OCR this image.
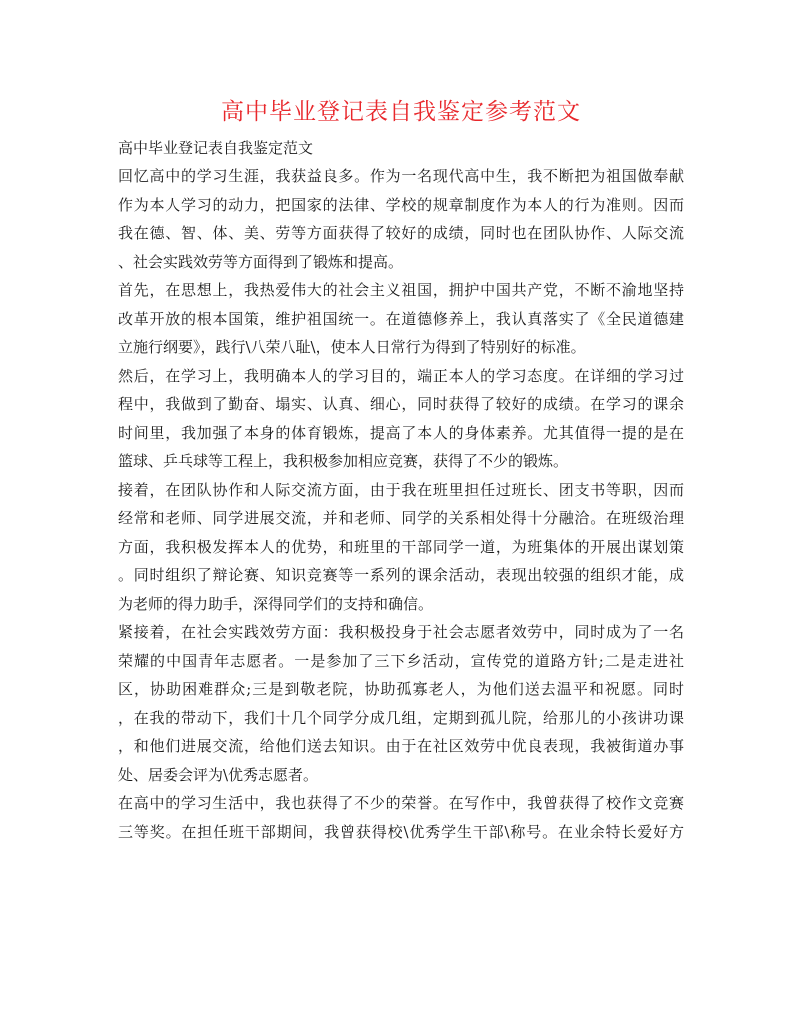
高中毕业登记表自我鉴定参考范文

高中毕业登记表自我鉴定范文

回忆高中的学习生涯，我获益良多。作为一名现代高中生，我不断把为祖国做奉献
作为本人学习的动力，把国家的法律、学校的规章制度作为本人的行为准则。因而
我在德、智、体、美、劳等方面获得了较好的成绩，同时也在团队协作、人际交流
、社会实践效劳等方面得到了锻炼和提高。
首先，在思想上，我热爱伟大的社会主义祖国，拥护中国共产党，不断不渝地坚持
改革开放的根本国策，维护祖国统一。在道德修养上，我认真落实了《全民道德建
立施行纲要》，践行\八荣八耻\，使本人日常行为得到了特别好的标准。
然后，在学习上，我明确本人的学习目的，端正本人的学习态度。在详细的学习过
程中，我做到了勤奋、塌实、认真、细心，同时获得了较好的成绩。在学习的课余
时间里，我加强了本身的体育锻炼，提高了本人的身体素养。尤其值得一提的是在
篮球、乒乓球等工程上，我积极参加相应竞赛，获得了不少的锻炼。
接着，在团队协作和人际交流方面，由于我在班里担任过班长、团支书等职，因而
经常和老师、同学进展交流，并和老师、同学的关系相处得十分融洽。在班级治理
方面，我积极发挥本人的优势，和班里的干部同学一道，为班集体的开展出谋划策
。同时组织了辩论赛、知识竞赛等一系列的课余活动，表现出较强的组织才能，成
为老师的得力助手，深得同学们的支持和确信。
紧接着，在社会实践效劳方面：我积极投身于社会志愿者效劳中，同时成为了一名
荣耀的中国青年志愿者。一是参加了三下乡活动，宣传党的道路方针;二是走进社
区，协助困难群众;三是到敬老院，协助孤寡老人，为他们送去温平和祝愿。同时
，在我的带动下，我们十几个同学分成几组，定期到孤儿院，给那儿的小孩讲功课
，和他们进展交流，给他们送去知识。由于在社区效劳中优良表现，我被街道办事
处、居委会评为\优秀志愿者。
在高中的学习生活中，我也获得了不少的荣誉。在写作中，我曾获得了校作文竞赛
三等奖。在担任班干部期间，我曾获得校\优秀学生干部\称号。在业余特长爱好方
